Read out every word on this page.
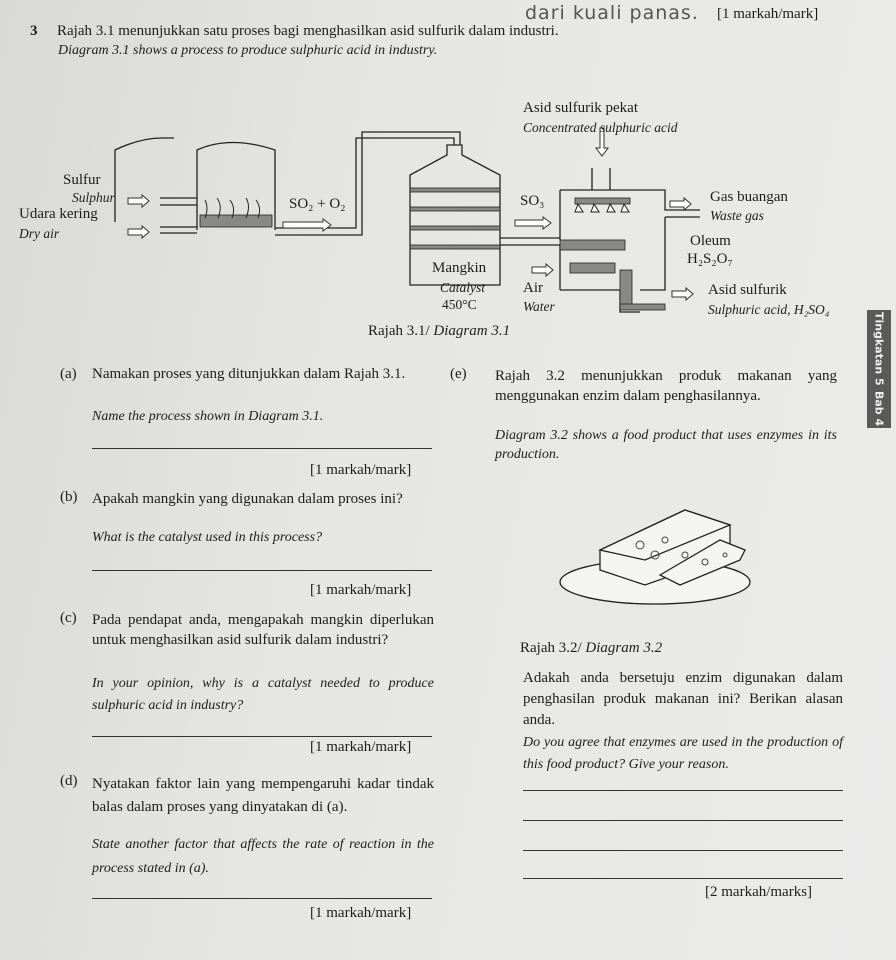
dari kuali panas. [1 markah/mark]
3 Rajah 3.1 menunjukkan satu proses bagi menghasilkan asid sulfurik dalam industri.
Diagram 3.1 shows a process to produce sulphuric acid in industry.
Sulfur
Sulphur
Udara kering
Dry air
SO₂ + O₂	SO₃
Asid sulfurik pekat
Concentrated sulphuric acid
Gas buangan
Waste gas
Oleum
H₂S₂O₇
Mangkin
Catalyst
450°C
Air
Water
Asid sulfurik
Sulphuric acid, H₂SO₄
Rajah 3.1/ Diagram 3.1	Tingkatan 5
Bab 4
(a) Namakan proses yang ditunjukkan dalam Rajah 3.1.
Name the process shown in Diagram 3.1.
[1 markah/mark]
(b) Apakah mangkin yang digunakan dalam proses ini?
What is the catalyst used in this process?
[1 markah/mark]
(c) Pada pendapat anda, mengapakah mangkin diperlukan untuk menghasilkan asid sulfurik dalam industri?
In your opinion, why is a catalyst needed to produce sulphuric acid in industry?
[1 markah/mark]
(d) Nyatakan faktor lain yang mempengaruhi kadar tindak balas dalam proses yang dinyatakan di (a).
State another factor that affects the rate of reaction in the process stated in (a).
[1 markah/mark]
(e) Rajah 3.2 menunjukkan produk makanan yang menggunakan enzim dalam penghasilannya.
Diagram 3.2 shows a food product that uses enzymes in its production.
Rajah 3.2/ Diagram 3.2
Adakah anda bersetuju enzim digunakan dalam penghasilan produk makanan ini? Berikan alasan anda.
Do you agree that enzymes are used in the production of this food product? Give your reason.
[2 markah/marks]
